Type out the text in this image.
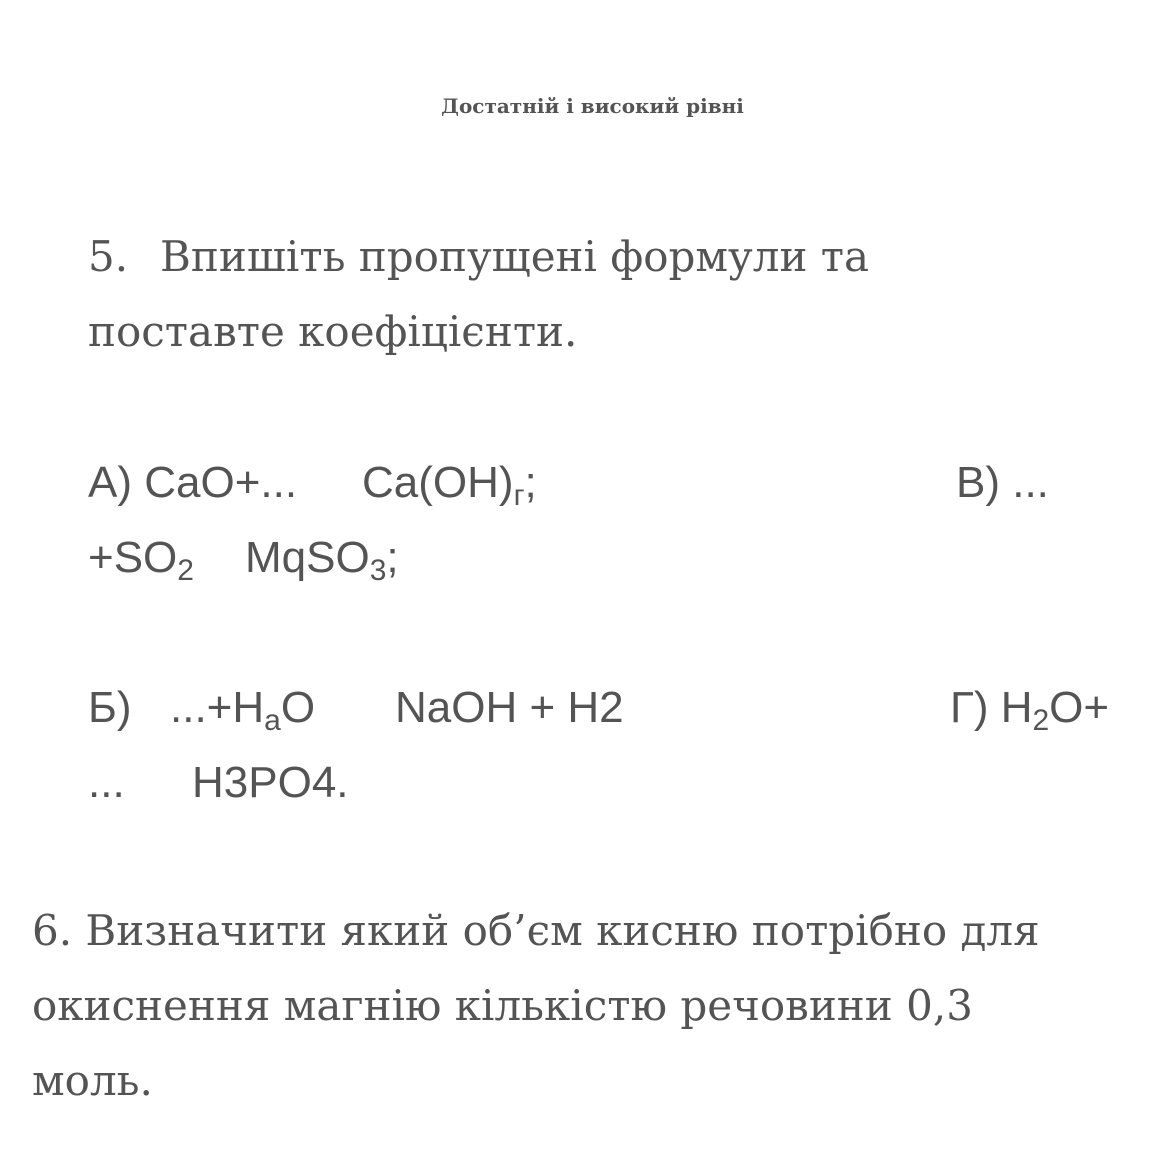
Достатній і високий рівні
5. Впишіть пропущені формули та
поставте коефіцієнти.
А) CaO+... $Ca(OH)_г$;	В) ...
$+SO_2$ MqSO$_3$;
Б) $...+H_aO$ NaOH + H2	Г) $H_2O+$
... H3PO4.
6. Визначити який об’єм кисню потрібно для
окиснення магнію кількістю речовини 0,3
моль.
